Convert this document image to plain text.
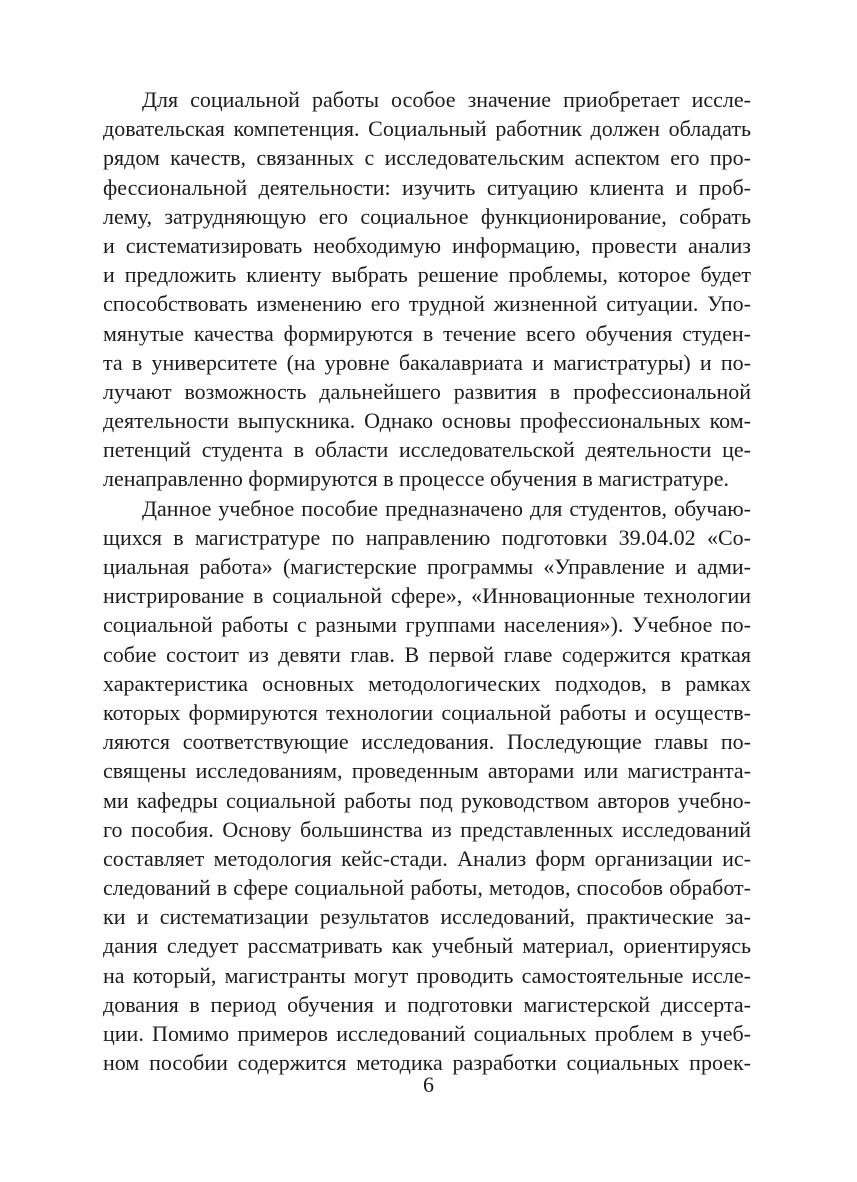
Для социальной работы особое значение приобретает иссле-
довательская компетенция. Социальный работник должен обладать
рядом качеств, связанных с исследовательским аспектом его про-
фессиональной деятельности: изучить ситуацию клиента и проб-
лему, затрудняющую его социальное функционирование, собрать
и систематизировать необходимую информацию, провести анализ
и предложить клиенту выбрать решение проблемы, которое будет
способствовать изменению его трудной жизненной ситуации. Упо-
мянутые качества формируются в течение всего обучения студен-
та в университете (на уровне бакалавриата и магистратуры) и по-
лучают возможность дальнейшего развития в профессиональной
деятельности выпускника. Однако основы профессиональных ком-
петенций студента в области исследовательской деятельности це-
ленаправленно формируются в процессе обучения в магистратуре.
Данное учебное пособие предназначено для студентов, обучаю-
щихся в магистратуре по направлению подготовки 39.04.02 «Со-
циальная работа» (магистерские программы «Управление и адми-
нистрирование в социальной сфере», «Инновационные технологии
социальной работы с разными группами населения»). Учебное по-
собие состоит из девяти глав. В первой главе содержится краткая
характеристика основных методологических подходов, в рамках
которых формируются технологии социальной работы и осуществ-
ляются соответствующие исследования. Последующие главы по-
священы исследованиям, проведенным авторами или магистранта-
ми кафедры социальной работы под руководством авторов учебно-
го пособия. Основу большинства из представленных исследований
составляет методология кейс-стади. Анализ форм организации ис-
следований в сфере социальной работы, методов, способов обработ-
ки и систематизации результатов исследований, практические за-
дания следует рассматривать как учебный материал, ориентируясь
на который, магистранты могут проводить самостоятельные иссле-
дования в период обучения и подготовки магистерской диссерта-
ции. Помимо примеров исследований социальных проблем в учеб-
ном пособии содержится методика разработки социальных проек-
6
